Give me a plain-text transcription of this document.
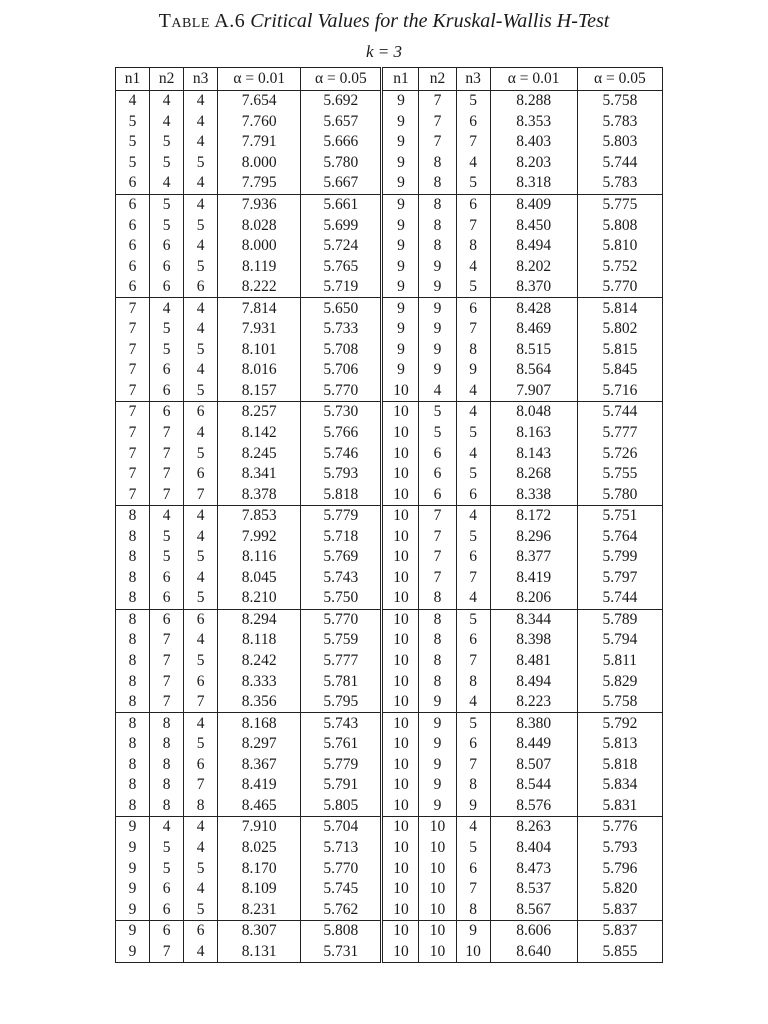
Table A.6 Critical Values for the Kruskal-Wallis H-Test
k = 3
n1	n2	n3	α = 0.01	α = 0.05	n1	n2	n3	α = 0.01	α = 0.05
4	4	4	7.654	5.692	9	7	5	8.288	5.758
5	4	4	7.760	5.657	9	7	6	8.353	5.783
5	5	4	7.791	5.666	9	7	7	8.403	5.803
5	5	5	8.000	5.780	9	8	4	8.203	5.744
6	4	4	7.795	5.667	9	8	5	8.318	5.783
6	5	4	7.936	5.661	9	8	6	8.409	5.775
6	5	5	8.028	5.699	9	8	7	8.450	5.808
6	6	4	8.000	5.724	9	8	8	8.494	5.810
6	6	5	8.119	5.765	9	9	4	8.202	5.752
6	6	6	8.222	5.719	9	9	5	8.370	5.770
7	4	4	7.814	5.650	9	9	6	8.428	5.814
7	5	4	7.931	5.733	9	9	7	8.469	5.802
7	5	5	8.101	5.708	9	9	8	8.515	5.815
7	6	4	8.016	5.706	9	9	9	8.564	5.845
7	6	5	8.157	5.770	10	4	4	7.907	5.716
7	6	6	8.257	5.730	10	5	4	8.048	5.744
7	7	4	8.142	5.766	10	5	5	8.163	5.777
7	7	5	8.245	5.746	10	6	4	8.143	5.726
7	7	6	8.341	5.793	10	6	5	8.268	5.755
7	7	7	8.378	5.818	10	6	6	8.338	5.780
8	4	4	7.853	5.779	10	7	4	8.172	5.751
8	5	4	7.992	5.718	10	7	5	8.296	5.764
8	5	5	8.116	5.769	10	7	6	8.377	5.799
8	6	4	8.045	5.743	10	7	7	8.419	5.797
8	6	5	8.210	5.750	10	8	4	8.206	5.744
8	6	6	8.294	5.770	10	8	5	8.344	5.789
8	7	4	8.118	5.759	10	8	6	8.398	5.794
8	7	5	8.242	5.777	10	8	7	8.481	5.811
8	7	6	8.333	5.781	10	8	8	8.494	5.829
8	7	7	8.356	5.795	10	9	4	8.223	5.758
8	8	4	8.168	5.743	10	9	5	8.380	5.792
8	8	5	8.297	5.761	10	9	6	8.449	5.813
8	8	6	8.367	5.779	10	9	7	8.507	5.818
8	8	7	8.419	5.791	10	9	8	8.544	5.834
8	8	8	8.465	5.805	10	9	9	8.576	5.831
9	4	4	7.910	5.704	10	10	4	8.263	5.776
9	5	4	8.025	5.713	10	10	5	8.404	5.793
9	5	5	8.170	5.770	10	10	6	8.473	5.796
9	6	4	8.109	5.745	10	10	7	8.537	5.820
9	6	5	8.231	5.762	10	10	8	8.567	5.837
9	6	6	8.307	5.808	10	10	9	8.606	5.837
9	7	4	8.131	5.731	10	10	10	8.640	5.855
